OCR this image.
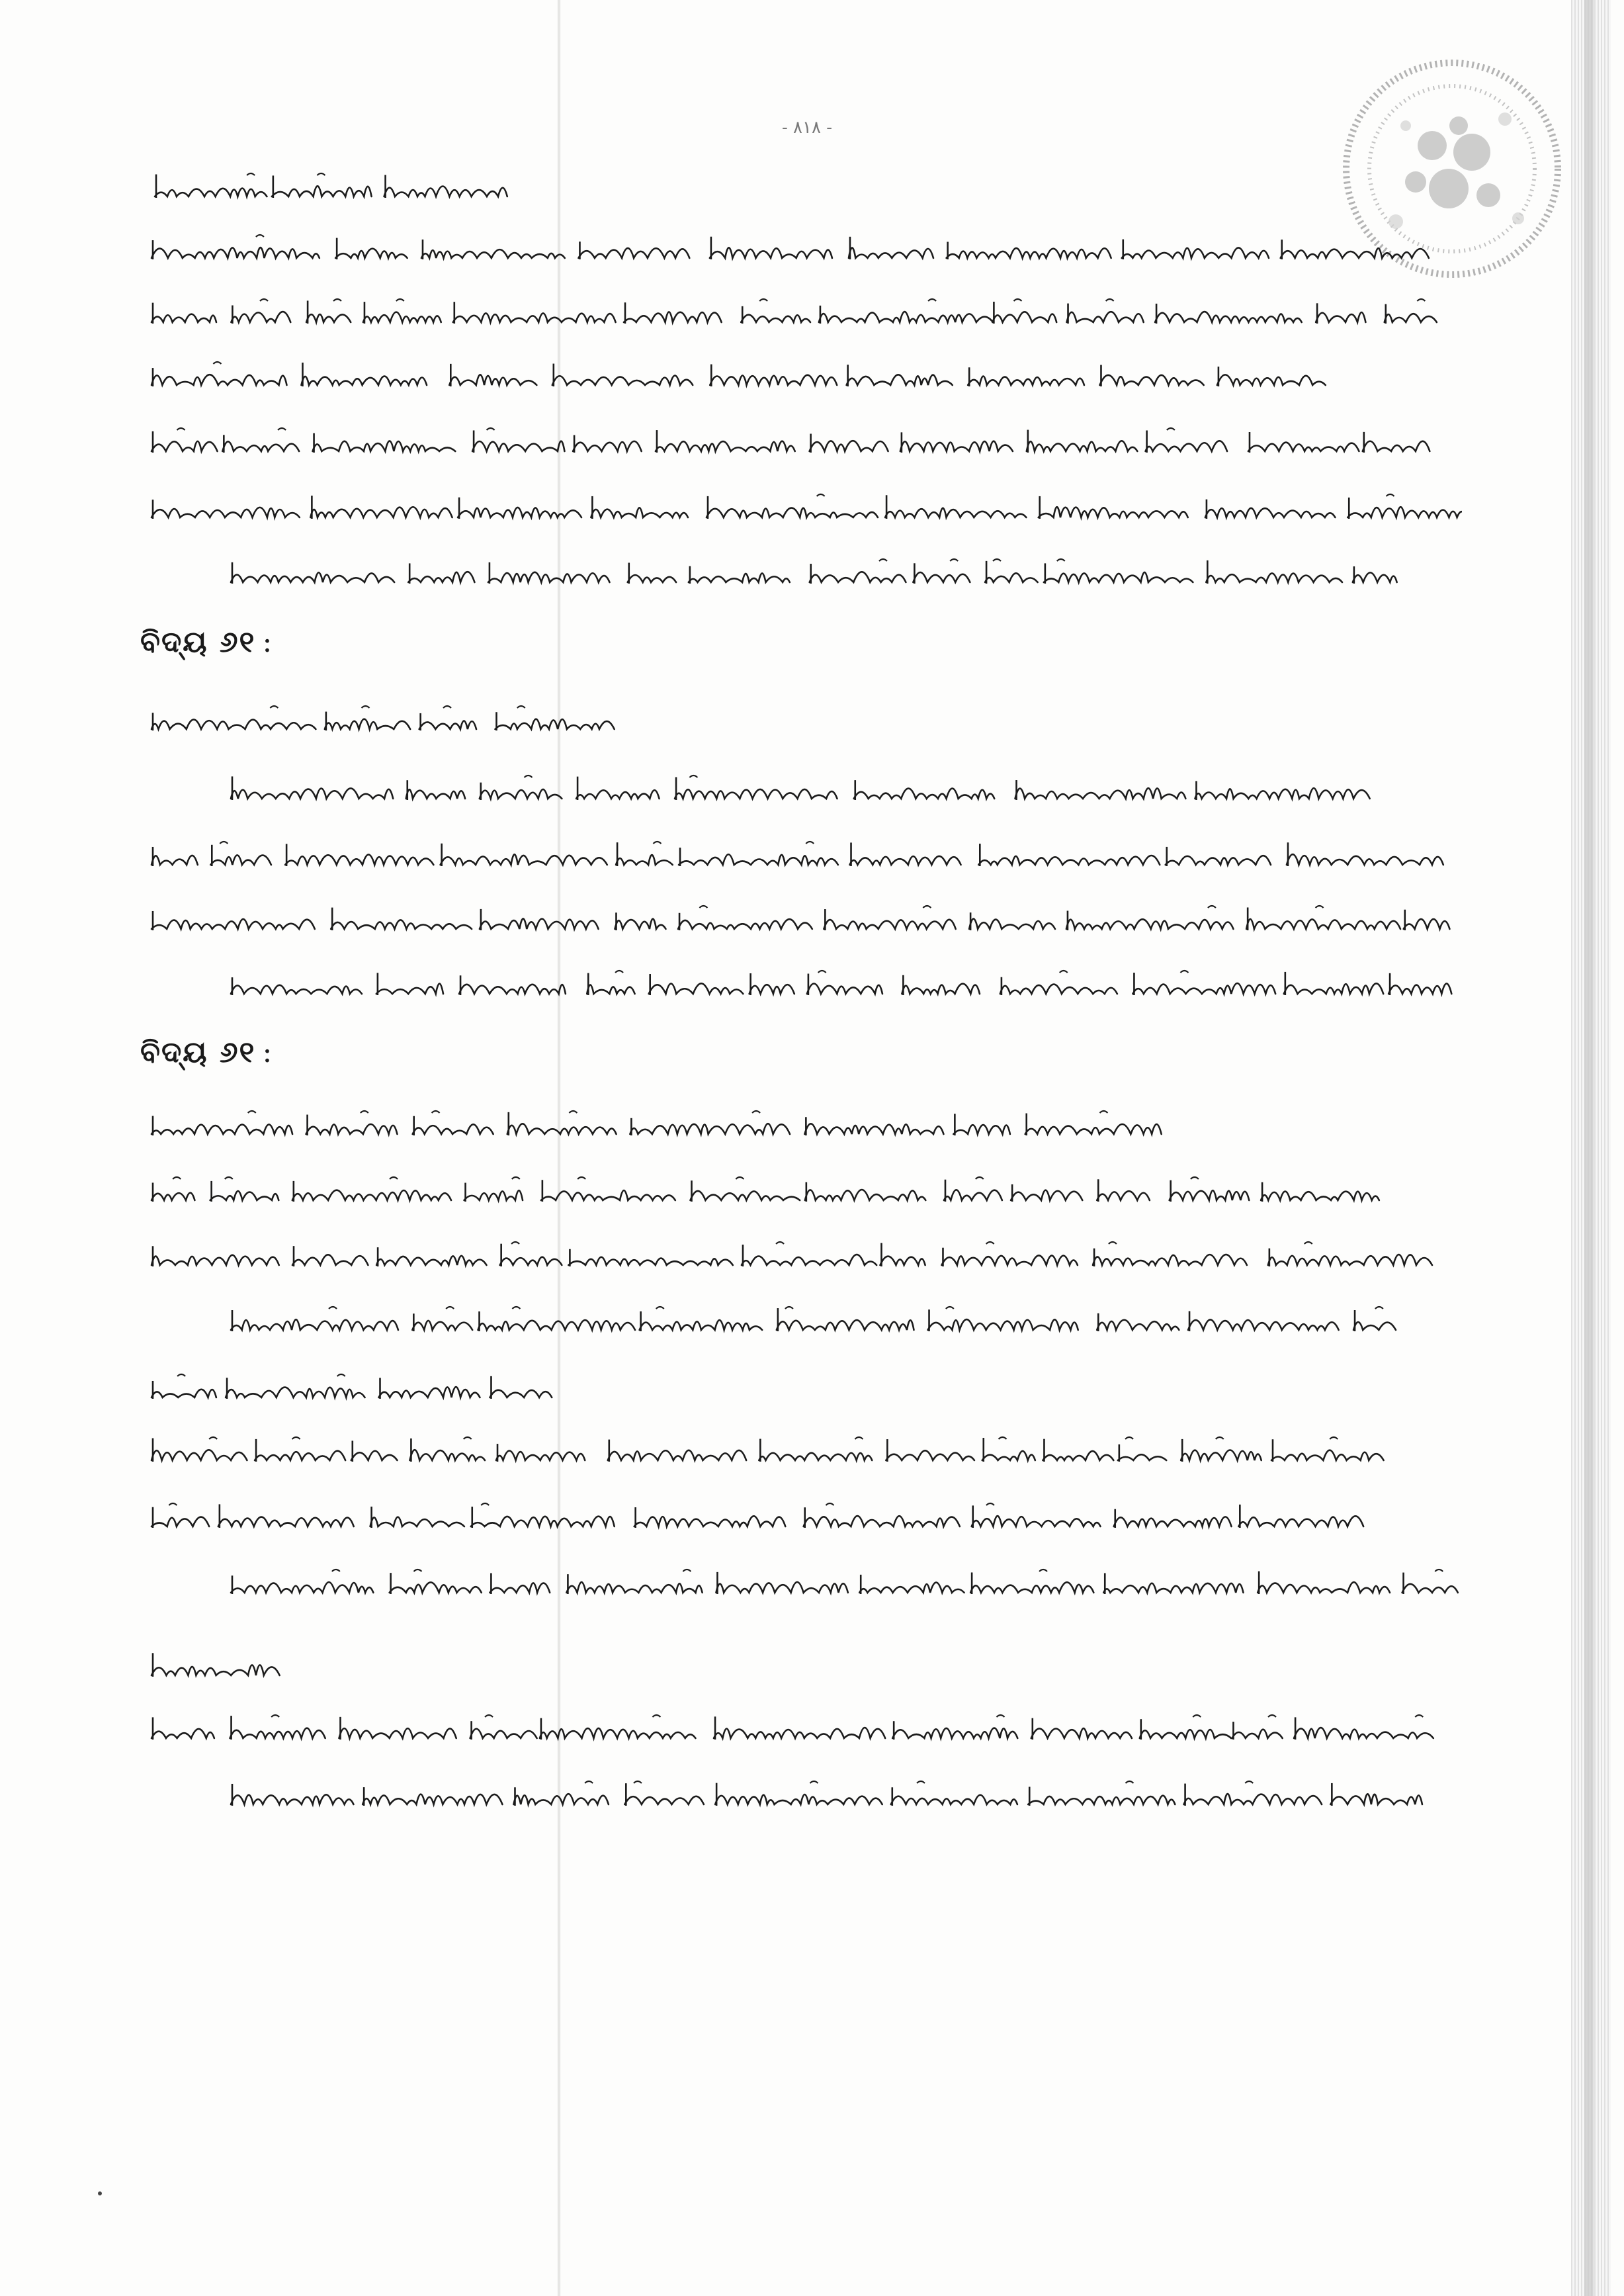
- ٨١٨ -
ବିଦ୍ୟ ୬୧ :
ବିଦ୍ୟ ୬୧ :
